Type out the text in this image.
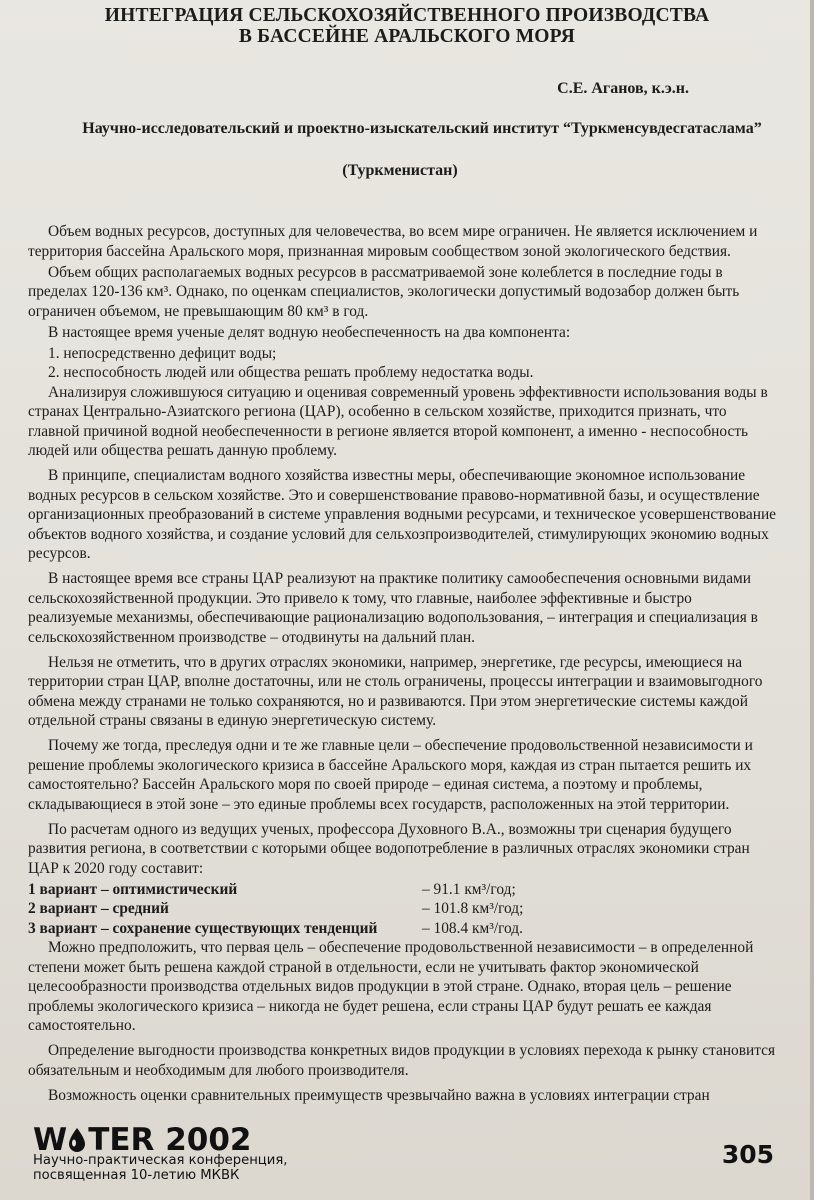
ИНТЕГРАЦИЯ СЕЛЬСКОХОЗЯЙСТВЕННОГО ПРОИЗВОДСТВА
В БАССЕЙНЕ АРАЛЬСКОГО МОРЯ
С.Е. Аганов, к.э.н.
Научно-исследовательский и проектно-изыскательский институт “Туркменсувдесгатасламa”
(Туркменистан)

Объем водных ресурсов, доступных для человечества, во всем мире ограничен. Не является исключением и территория бассейна Аральского моря, признанная мировым сообществом зоной экологического бедствия.

Объем общих располагаемых водных ресурсов в рассматриваемой зоне колеблется в последние годы в пределах 120-136 км³. Однако, по оценкам специалистов, экологически допустимый водозабор должен быть ограничен объемом, не превышающим 80 км³ в год.

В настоящее время ученые делят водную необеспеченность на два компонента:

1. непосредственно дефицит воды;
2. неспособность людей или общества решать проблему недостатка воды.

Анализируя сложившуюся ситуацию и оценивая современный уровень эффективности использования воды в странах Центрально-Азиатского региона (ЦАР), особенно в сельском хозяйстве, приходится признать, что главной причиной водной необеспеченности в регионе является второй компонент, а именно - неспособность людей или общества решать данную проблему.

В принципе, специалистам водного хозяйства известны меры, обеспечивающие экономное использование водных ресурсов в сельском хозяйстве. Это и совершенствование правово-нормативной базы, и осуществление организационных преобразований в системе управления водными ресурсами, и техническое усовершенствование объектов водного хозяйства, и создание условий для сельхозпроизводителей, стимулирующих экономию водных ресурсов.

В настоящее время все страны ЦАР реализуют на практике политику самообеспечения основными видами сельскохозяйственной продукции. Это привело к тому, что главные, наиболее эффективные и быстро реализуемые механизмы, обеспечивающие рационализацию водопользования, – интеграция и специализация в сельскохозяйственном производстве – отодвинуты на дальний план.

Нельзя не отметить, что в других отраслях экономики, например, энергетике, где ресурсы, имеющиеся на территории стран ЦАР, вполне достаточны, или не столь ограничены, процессы интеграции и взаимовыгодного обмена между странами не только сохраняются, но и развиваются. При этом энергетические системы каждой отдельной страны связаны в единую энергетическую систему.

Почему же тогда, преследуя одни и те же главные цели – обеспечение продовольственной независимости и решение проблемы экологического кризиса в бассейне Аральского моря, каждая из стран пытается решить их самостоятельно? Бассейн Аральского моря по своей природе – единая система, а поэтому и проблемы, складывающиеся в этой зоне – это единые проблемы всех государств, расположенных на этой территории.

По расчетам одного из ведущих ученых, профессора Духовного В.А., возможны три сценария будущего развития региона, в соответствии с которыми общее водопотребление в различных отраслях экономики стран ЦАР к 2020 году составит:

1 вариант – оптимистический	– 91.1 км³/год;
2 вариант – средний	– 101.8 км³/год;
3 вариант – сохранение существующих тенденций	– 108.4 км³/год.

Можно предположить, что первая цель – обеспечение продовольственной независимости – в определенной степени может быть решена каждой страной в отдельности, если не учитывать фактор экономической целесообразности производства отдельных видов продукции в этой стране. Однако, вторая цель – решение проблемы экологического кризиса – никогда не будет решена, если страны ЦАР будут решать ее каждая самостоятельно.

Определение выгодности производства конкретных видов продукции в условиях перехода к рынку становится обязательным и необходимым для любого производителя.

Возможность оценки сравнительных преимуществ чрезвычайно важна в условиях интеграции стран

W TER 2002
Научно-практическая конференция,
посвященная 10-летию МКВК
305
